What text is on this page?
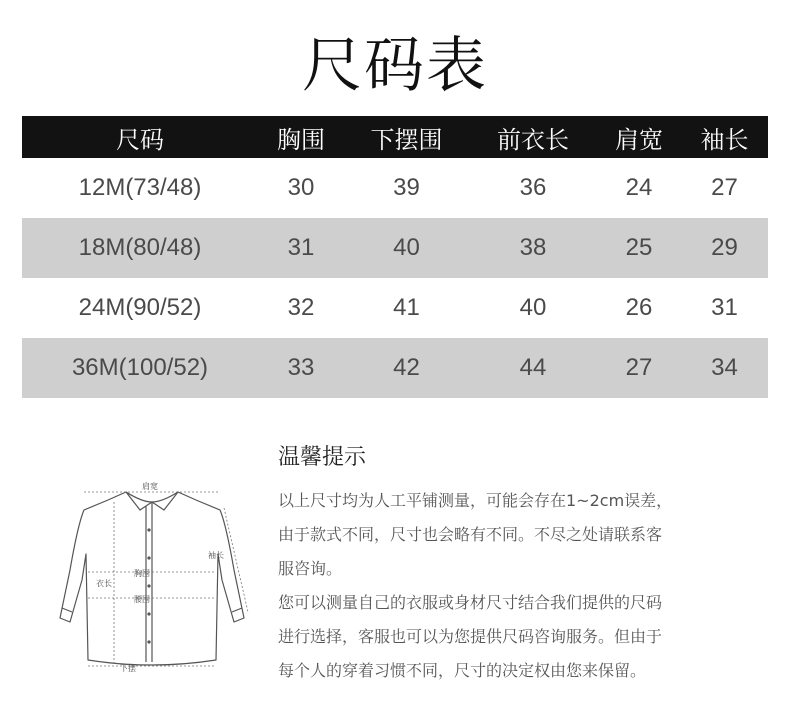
尺码表
尺码	胸围	下摆围	前衣长	肩宽	袖长
12M(73/48)	30	39	36	24	27
18M(80/48)	31	40	38	25	29
24M(90/52)	32	41	40	26	31
36M(100/52)	33	42	44	27	34
肩宽
袖长
衣长
胸围
腰围
下摆
温馨提示

以上尺寸均为人工平铺测量，可能会存在1~2cm误差，

由于款式不同，尺寸也会略有不同。不尽之处请联系客

服咨询。

您可以测量自己的衣服或身材尺寸结合我们提供的尺码

进行选择，客服也可以为您提供尺码咨询服务。但由于

每个人的穿着习惯不同，尺寸的决定权由您来保留。
